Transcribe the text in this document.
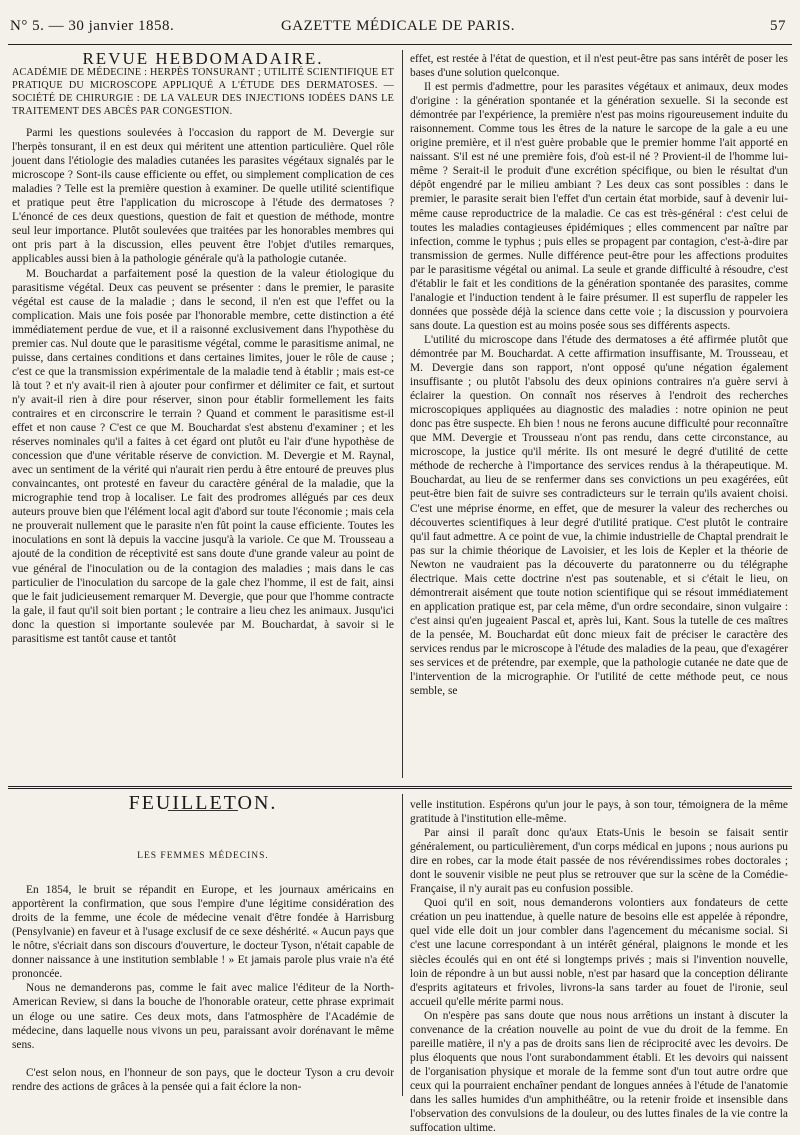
N° 5. — 30 janvier 1858.	GAZETTE MÉDICALE DE PARIS.	57

REVUE HEBDOMADAIRE.

ACADÉMIE DE MÉDECINE : HERPÈS TONSURANT ; UTILITÉ SCIENTIFIQUE ET PRATIQUE DU MICROSCOPE APPLIQUÉ A L'ÉTUDE DES DERMATOSES. — SOCIÉTÉ DE CHIRURGIE : DE LA VALEUR DES INJECTIONS IODÉES DANS LE TRAITEMENT DES ABCÈS PAR CONGESTION.

Parmi les questions soulevées à l'occasion du rapport de M. Devergie sur l'herpès tonsurant, il en est deux qui méritent une attention particulière. Quel rôle jouent dans l'étiologie des maladies cutanées les parasites végétaux signalés par le microscope ? Sont-ils cause efficiente ou effet, ou simplement complication de ces maladies ? Telle est la première question à examiner. De quelle utilité scientifique et pratique peut être l'application du microscope à l'étude des dermatoses ? L'énoncé de ces deux questions, question de fait et question de méthode, montre seul leur importance. Plutôt soulevées que traitées par les honorables membres qui ont pris part à la discussion, elles peuvent être l'objet d'utiles remarques, applicables aussi bien à la pathologie générale qu'à la pathologie cutanée.

M. Bouchardat a parfaitement posé la question de la valeur étiologique du parasitisme végétal. Deux cas peuvent se présenter : dans le premier, le parasite végétal est cause de la maladie ; dans le second, il n'en est que l'effet ou la complication. Mais une fois posée par l'honorable membre, cette distinction a été immédiatement perdue de vue, et il a raisonné exclusivement dans l'hypothèse du premier cas. Nul doute que le parasitisme végétal, comme le parasitisme animal, ne puisse, dans certaines conditions et dans certaines limites, jouer le rôle de cause ; c'est ce que la transmission expérimentale de la maladie tend à établir ; mais est-ce là tout ? et n'y avait-il rien à ajouter pour confirmer et délimiter ce fait, et surtout n'y avait-il rien à dire pour réserver, sinon pour établir formellement les faits contraires et en circonscrire le terrain ? Quand et comment le parasitisme est-il effet et non cause ? C'est ce que M. Bouchardat s'est abstenu d'examiner ; et les réserves nominales qu'il a faites à cet égard ont plutôt eu l'air d'une hypothèse de concession que d'une véritable réserve de conviction. M. Devergie et M. Raynal, avec un sentiment de la vérité qui n'aurait rien perdu à être entouré de preuves plus convaincantes, ont protesté en faveur du caractère général de la maladie, que la micrographie tend trop à localiser. Le fait des prodromes allégués par ces deux auteurs prouve bien que l'élément local agit d'abord sur toute l'économie ; mais cela ne prouverait nullement que le parasite n'en fût point la cause efficiente. Toutes les inoculations en sont là depuis la vaccine jusqu'à la variole. Ce que M. Trousseau a ajouté de la condition de réceptivité est sans doute d'une grande valeur au point de vue général de l'inoculation ou de la contagion des maladies ; mais dans le cas particulier de l'inoculation du sarcope de la gale chez l'homme, il est de fait, ainsi que le fait judicieusement remarquer M. Devergie, que pour que l'homme contracte la gale, il faut qu'il soit bien portant ; le contraire a lieu chez les animaux. Jusqu'ici donc la question si importante soulevée par M. Bouchardat, à savoir si le parasitisme est tantôt cause et tantôt

effet, est restée à l'état de question, et il n'est peut-être pas sans intérêt de poser les bases d'une solution quelconque.

Il est permis d'admettre, pour les parasites végétaux et animaux, deux modes d'origine : la génération spontanée et la génération sexuelle. Si la seconde est démontrée par l'expérience, la première n'est pas moins rigoureusement induite du raisonnement. Comme tous les êtres de la nature le sarcope de la gale a eu une origine première, et il n'est guère probable que le premier homme l'ait apporté en naissant. S'il est né une première fois, d'où est-il né ? Provient-il de l'homme lui-même ? Serait-il le produit d'une excrétion spécifique, ou bien le résultat d'un dépôt engendré par le milieu ambiant ? Les deux cas sont possibles : dans le premier, le parasite serait bien l'effet d'un certain état morbide, sauf à devenir lui-même cause reproductrice de la maladie. Ce cas est très-général : c'est celui de toutes les maladies contagieuses épidémiques ; elles commencent par naître par infection, comme le typhus ; puis elles se propagent par contagion, c'est-à-dire par transmission de germes. Nulle différence peut-être pour les affections produites par le parasitisme végétal ou animal. La seule et grande difficulté à résoudre, c'est d'établir le fait et les conditions de la génération spontanée des parasites, comme l'analogie et l'induction tendent à le faire présumer. Il est superflu de rappeler les données que possède déjà la science dans cette voie ; la discussion y pourvoiera sans doute. La question est au moins posée sous ses différents aspects.

L'utilité du microscope dans l'étude des dermatoses a été affirmée plutôt que démontrée par M. Bouchardat. A cette affirmation insuffisante, M. Trousseau, et M. Devergie dans son rapport, n'ont opposé qu'une négation également insuffisante ; ou plutôt l'absolu des deux opinions contraires n'a guère servi à éclairer la question. On connaît nos réserves à l'endroit des recherches microscopiques appliquées au diagnostic des maladies : notre opinion ne peut donc pas être suspecte. Eh bien ! nous ne ferons aucune difficulté pour reconnaître que MM. Devergie et Trousseau n'ont pas rendu, dans cette circonstance, au microscope, la justice qu'il mérite. Ils ont mesuré le degré d'utilité de cette méthode de recherche à l'importance des services rendus à la thérapeutique. M. Bouchardat, au lieu de se renfermer dans ses convictions un peu exagérées, eût peut-être bien fait de suivre ses contradicteurs sur le terrain qu'ils avaient choisi. C'est une méprise énorme, en effet, que de mesurer la valeur des recherches ou découvertes scientifiques à leur degré d'utilité pratique. C'est plutôt le contraire qu'il faut admettre. A ce point de vue, la chimie industrielle de Chaptal prendrait le pas sur la chimie théorique de Lavoisier, et les lois de Kepler et la théorie de Newton ne vaudraient pas la découverte du paratonnerre ou du télégraphe électrique. Mais cette doctrine n'est pas soutenable, et si c'était le lieu, on démontrerait aisément que toute notion scientifique qui se résout immédiatement en application pratique est, par cela même, d'un ordre secondaire, sinon vulgaire : c'est ainsi qu'en jugeaient Pascal et, après lui, Kant. Sous la tutelle de ces maîtres de la pensée, M. Bouchardat eût donc mieux fait de préciser le caractère des services rendus par le microscope à l'étude des maladies de la peau, que d'exagérer ses services et de prétendre, par exemple, que la pathologie cutanée ne date que de l'intervention de la micrographie. Or l'utilité de cette méthode peut, ce nous semble, se

FEUILLETON.

LES FEMMES MÉDECINS.

En 1854, le bruit se répandit en Europe, et les journaux américains en apportèrent la confirmation, que sous l'empire d'une légitime considération des droits de la femme, une école de médecine venait d'être fondée à Harrisburg (Pensylvanie) en faveur et à l'usage exclusif de ce sexe déshérité. « Aucun pays que le nôtre, s'écriait dans son discours d'ouverture, le docteur Tyson, n'était capable de donner naissance à une institution semblable ! » Et jamais parole plus vraie n'a été prononcée.

Nous ne demanderons pas, comme le fait avec malice l'éditeur de la North-American Review, si dans la bouche de l'honorable orateur, cette phrase exprimait un éloge ou une satire. Ces deux mots, dans l'atmosphère de l'Académie de médecine, dans laquelle nous vivons un peu, paraissant avoir dorénavant le même sens.

C'est selon nous, en l'honneur de son pays, que le docteur Tyson a cru devoir rendre des actions de grâces à la pensée qui a fait éclore la non-

velle institution. Espérons qu'un jour le pays, à son tour, témoignera de la même gratitude à l'institution elle-même.

Par ainsi il paraît donc qu'aux Etats-Unis le besoin se faisait sentir généralement, ou particulièrement, d'un corps médical en jupons ; nous aurions pu dire en robes, car la mode était passée de nos révérendissimes robes doctorales ; dont le souvenir visible ne peut plus se retrouver que sur la scène de la Comédie-Française, il n'y aurait pas eu confusion possible.

Quoi qu'il en soit, nous demanderons volontiers aux fondateurs de cette création un peu inattendue, à quelle nature de besoins elle est appelée à répondre, quel vide elle doit un jour combler dans l'agencement du mécanisme social. Si c'est une lacune correspondant à un intérêt général, plaignons le monde et les siècles écoulés qui en ont été si longtemps privés ; mais si l'invention nouvelle, loin de répondre à un but aussi noble, n'est par hasard que la conception délirante d'esprits agitateurs et frivoles, livrons-la sans tarder au fouet de l'ironie, seul accueil qu'elle mérite parmi nous.

On n'espère pas sans doute que nous nous arrêtions un instant à discuter la convenance de la création nouvelle au point de vue du droit de la femme. En pareille matière, il n'y a pas de droits sans lien de réciprocité avec les devoirs. De plus éloquents que nous l'ont surabondamment établi. Et les devoirs qui naissent de l'organisation physique et morale de la femme sont d'un tout autre ordre que ceux qui la pourraient enchaîner pendant de longues années à l'étude de l'anatomie dans les salles humides d'un amphithéâtre, ou la retenir froide et insensible dans l'observation des convulsions de la douleur, ou des luttes finales de la vie contre la suffocation ultime.
